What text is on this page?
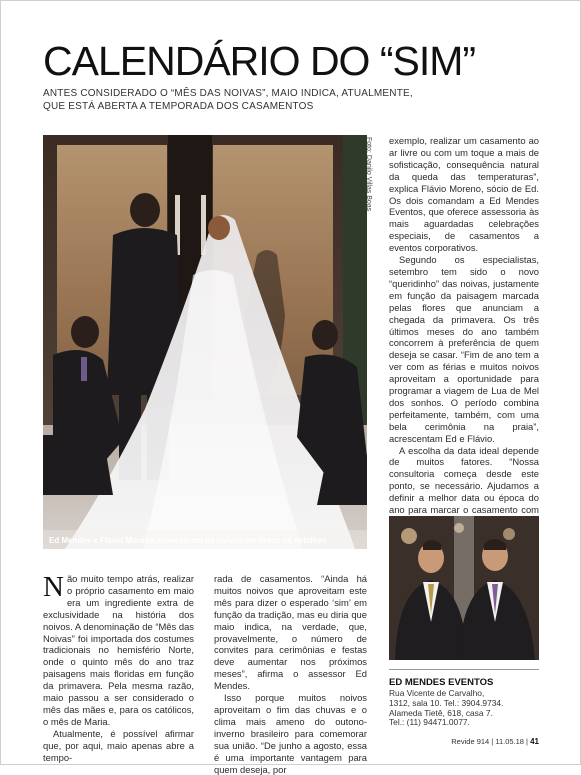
CALENDÁRIO DO “SIM”
ANTES CONSIDERADO O “MÊS DAS NOIVAS”, MAIO INDICA, ATUALMENTE, QUE ESTÁ ABERTA A TEMPORADA DOS CASAMENTOS
Foto: Danilo Villas Boas
Ed Mendes e Flávio Moreno assessoram os noivos em todos os detalhes

Não muito tempo atrás, realizar o próprio casamento em maio era um ingrediente extra de exclusividade na história dos noivos. A denominação de “Mês das Noivas” foi importada dos costumes tradicionais no hemisfério Norte, onde o quinto mês do ano traz paisagens mais floridas em função da primavera. Pela mesma razão, maio passou a ser considerado o mês das mães e, para os católicos, o mês de Maria.

Atualmente, é possível afirmar que, por aqui, maio apenas abre a tempo-

rada de casamentos. “Ainda há muitos noivos que aproveitam este mês para dizer o esperado ‘sim’ em função da tradição, mas eu diria que maio indica, na verdade, que, provavelmente, o número de convites para cerimônias e festas deve aumentar nos próximos meses”, afirma o assessor Ed Mendes.

Isso porque muitos noivos aproveitam o fim das chuvas e o clima mais ameno do outono-inverno brasileiro para comemorar sua união. “De junho a agosto, essa é uma importante vantagem para quem deseja, por

exemplo, realizar um casamento ao ar livre ou com um toque a mais de sofisticação, consequência natural da queda das temperaturas”, explica Flávio Moreno, sócio de Ed. Os dois comandam a Ed Mendes Eventos, que oferece assessoria às mais aguardadas celebrações especiais, de casamentos a eventos corporativos.

Segundo os especialistas, setembro tem sido o novo “queridinho” das noivas, justamente em função da paisagem marcada pelas flores que anunciam a chegada da primavera. Os três últimos meses do ano também concorrem à preferência de quem deseja se casar. “Fim de ano tem a ver com as férias e muitos noivos aproveitam a oportunidade para programar a viagem de Lua de Mel dos sonhos. O período combina perfeitamente, também, com uma bela cerimônia na praia”, acrescentam Ed e Flávio.

A escolha da data ideal depende de muitos fatores. “Nossa consultoria começa desde este ponto, se necessário. Ajudamos a definir a melhor data ou época do ano para marcar o casamento com

ED MENDES EVENTOS
Rua Vicente de Carvalho,
1312, sala 10. Tel.: 3904.9734.
Alameda Tietê, 618, casa 7.
Tel.: (11) 94471.0077.
Revide 914 | 11.05.18 | 41
